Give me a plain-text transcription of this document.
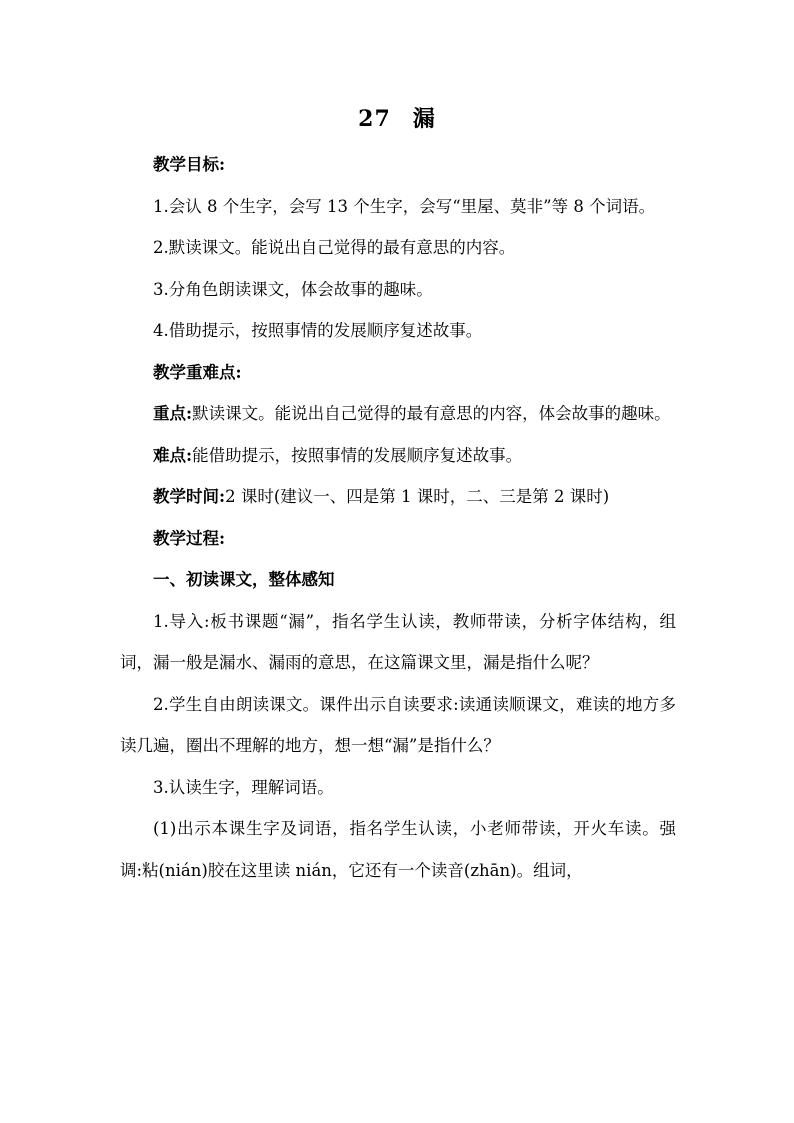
27 漏

教学目标:

1.会认 8 个生字，会写 13 个生字，会写“里屋、莫非”等 8 个词语。

2.默读课文。能说出自己觉得的最有意思的内容。

3.分角色朗读课文，体会故事的趣味。

4.借助提示，按照事情的发展顺序复述故事。

教学重难点:

重点:默读课文。能说出自己觉得的最有意思的内容，体会故事的趣味。

难点:能借助提示，按照事情的发展顺序复述故事。

教学时间:2 课时(建议一、四是第 1 课时，二、三是第 2 课时)

教学过程:

一、初读课文，整体感知

1.导入:板书课题“漏”，指名学生认读，教师带读，分析字体结构，组词，漏一般是漏水、漏雨的意思，在这篇课文里，漏是指什么呢？

2.学生自由朗读课文。课件出示自读要求:读通读顺课文，难读的地方多读几遍，圈出不理解的地方，想一想“漏”是指什么？

3.认读生字，理解词语。

(1)出示本课生字及词语，指名学生认读，小老师带读，开火车读。强调:粘(nián)胶在这里读 nián，它还有一个读音(zhān)。组词，
